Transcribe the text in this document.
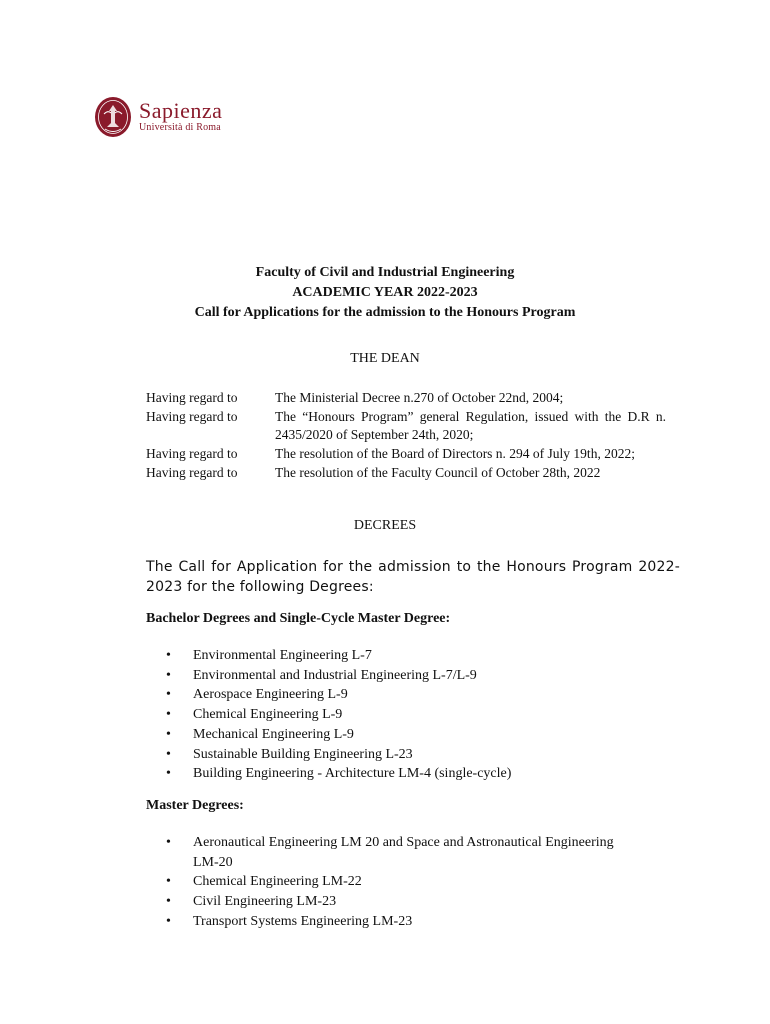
Sapienza
Università di Roma
Faculty of Civil and Industrial Engineering
ACADEMIC YEAR 2022-2023
Call for Applications for the admission to the Honours Program
THE DEAN
Having regard to	The Ministerial Decree n.270 of October 22nd, 2004;
Having regard to	The “Honours Program” general Regulation, issued with the D.R n. 2435/2020 of September 24th, 2020;
Having regard to	The resolution of the Board of Directors n. 294 of July 19th, 2022;
Having regard to	The resolution of the Faculty Council of October 28th, 2022
DECREES
The Call for Application for the admission to the Honours Program 2022-2023 for the following Degrees:
Bachelor Degrees and Single-Cycle Master Degree:
• Environmental Engineering L-7
• Environmental and Industrial Engineering L-7/L-9
• Aerospace Engineering L-9
• Chemical Engineering L-9
• Mechanical Engineering L-9
• Sustainable Building Engineering L-23
• Building Engineering - Architecture LM-4 (single-cycle)
Master Degrees:
• Aeronautical Engineering LM 20 and Space and Astronautical Engineering LM-20
• Chemical Engineering LM-22
• Civil Engineering LM-23
• Transport Systems Engineering LM-23
